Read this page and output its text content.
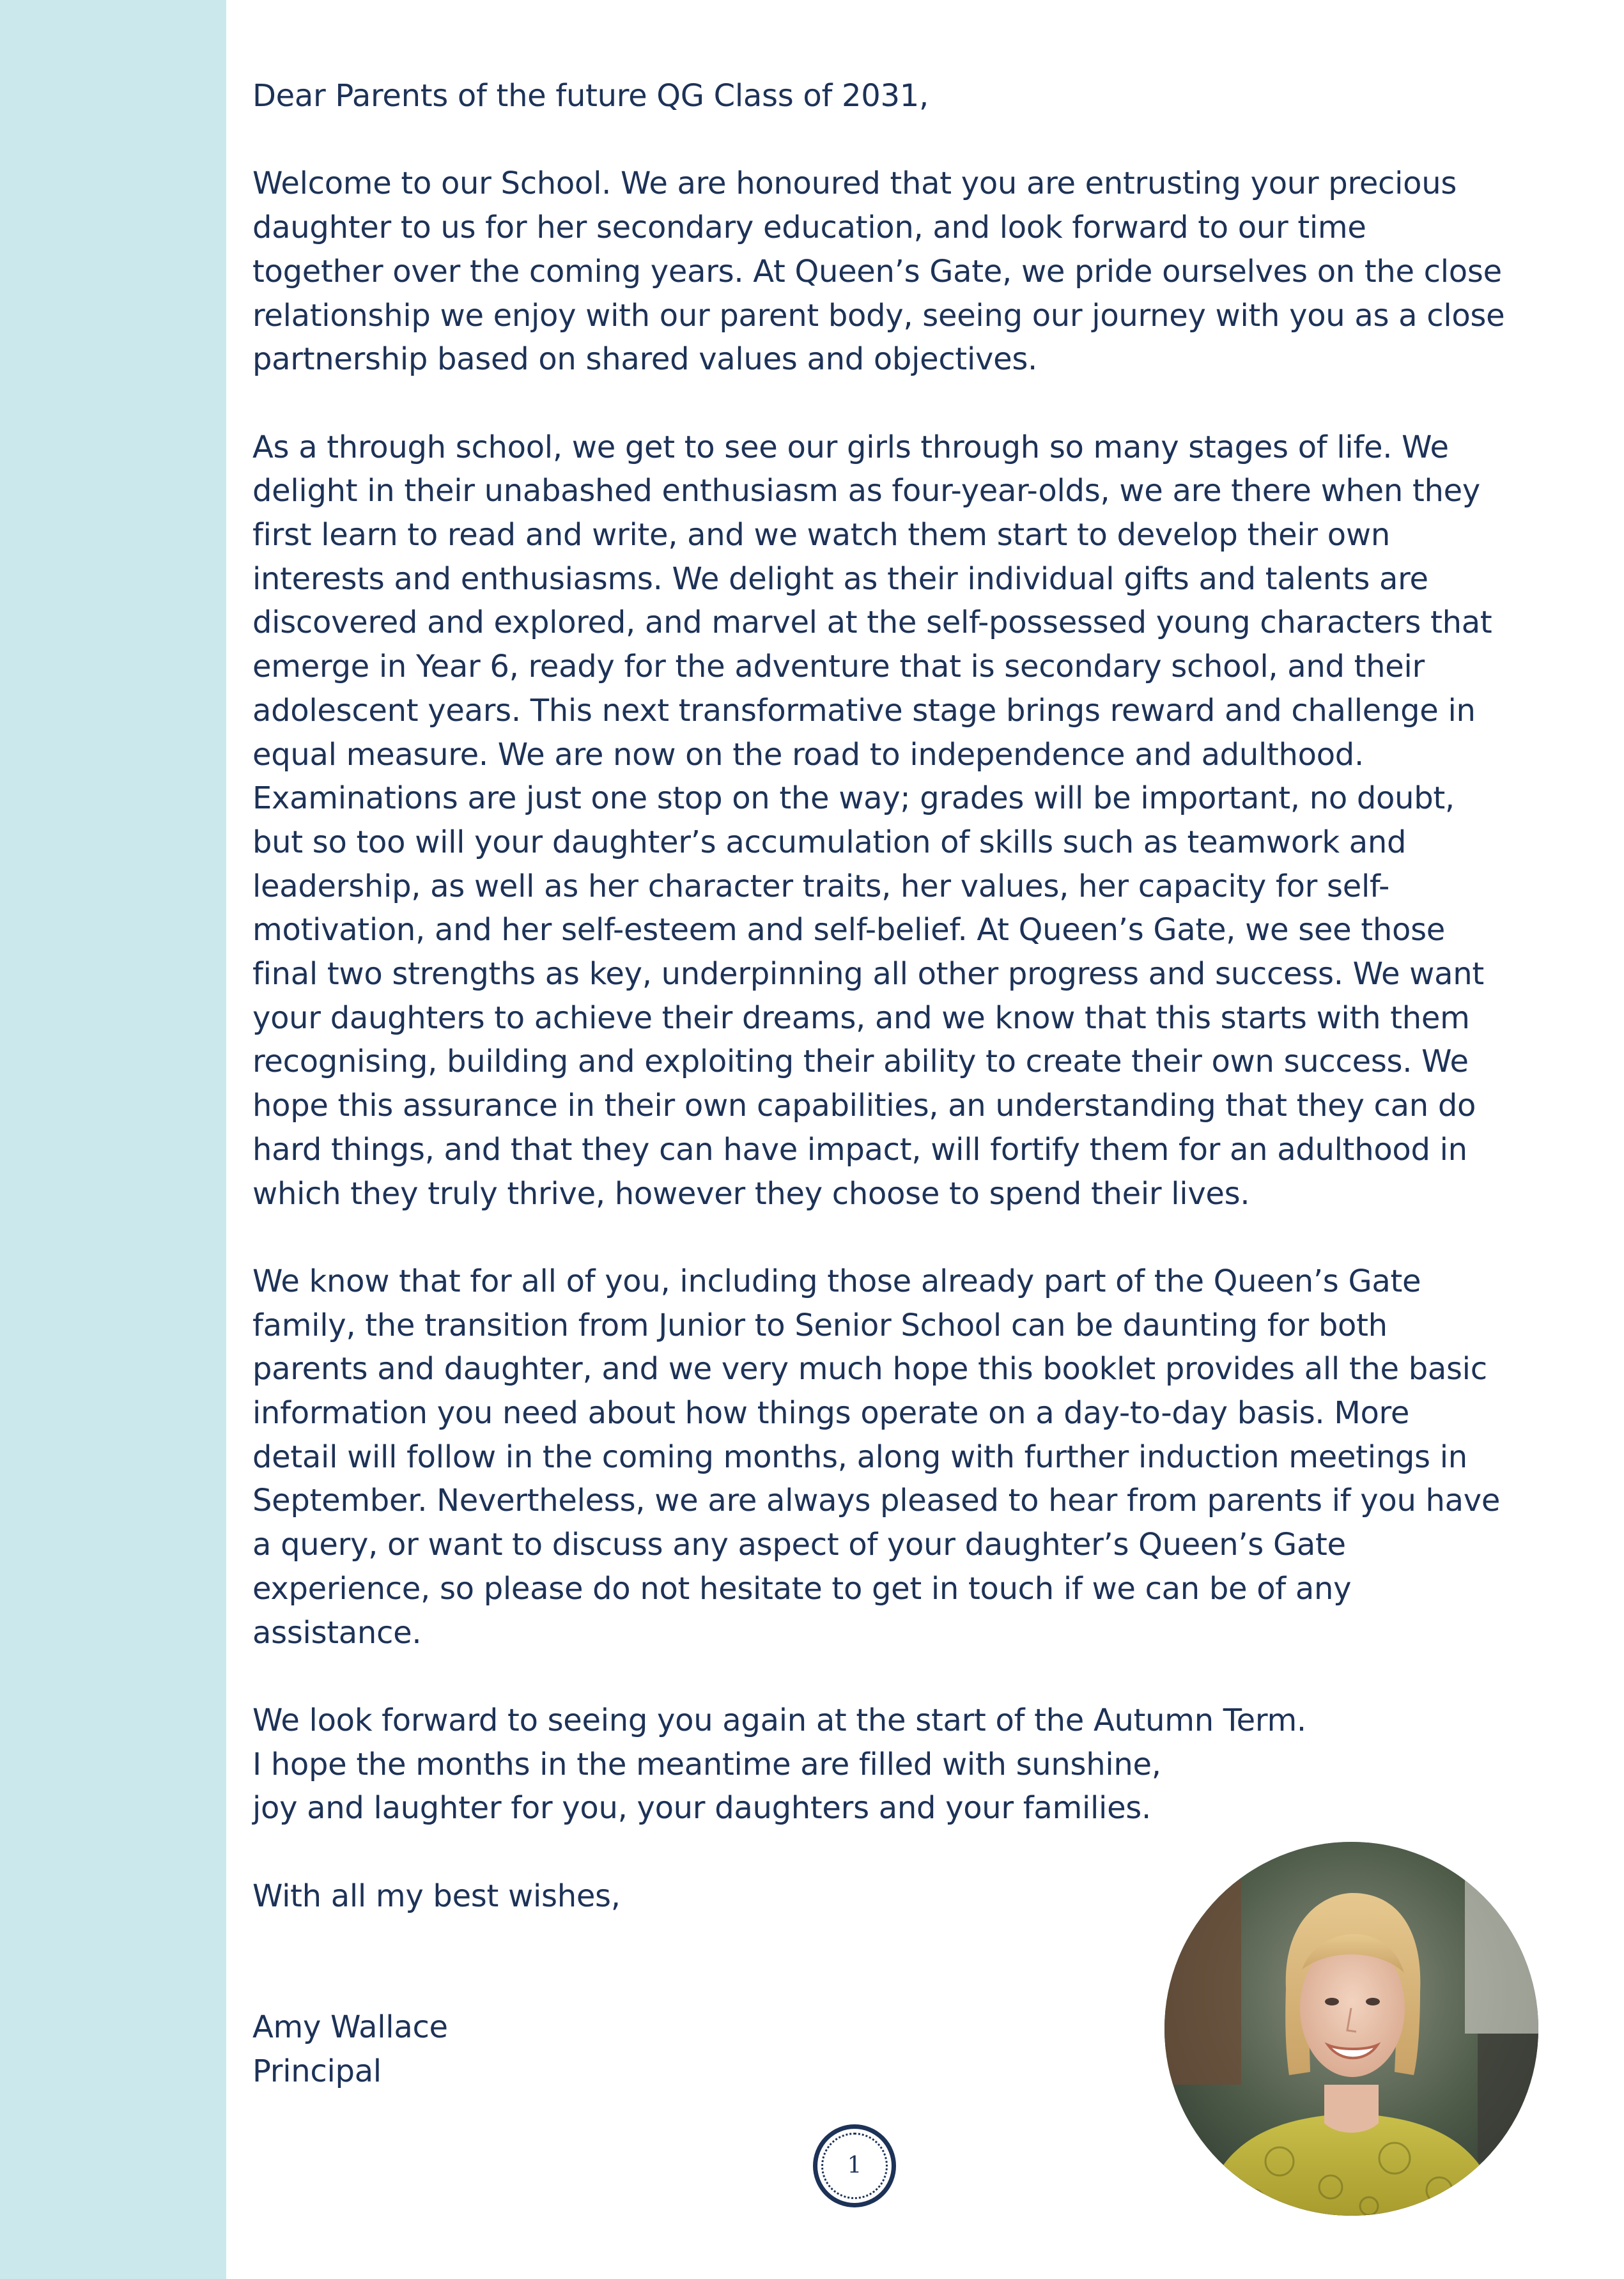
Dear Parents of the future QG Class of 2031,

Welcome to our School. We are honoured that you are entrusting your precious
daughter to us for her secondary education, and look forward to our time
together over the coming years. At Queen’s Gate, we pride ourselves on the close
relationship we enjoy with our parent body, seeing our journey with you as a close
partnership based on shared values and objectives.

As a through school, we get to see our girls through so many stages of life. We
delight in their unabashed enthusiasm as four-year-olds, we are there when they
first learn to read and write, and we watch them start to develop their own
interests and enthusiasms. We delight as their individual gifts and talents are
discovered and explored, and marvel at the self-possessed young characters that
emerge in Year 6, ready for the adventure that is secondary school, and their
adolescent years. This next transformative stage brings reward and challenge in
equal measure. We are now on the road to independence and adulthood.
Examinations are just one stop on the way; grades will be important, no doubt,
but so too will your daughter’s accumulation of skills such as teamwork and
leadership, as well as her character traits, her values, her capacity for self-
motivation, and her self-esteem and self-belief. At Queen’s Gate, we see those
final two strengths as key, underpinning all other progress and success. We want
your daughters to achieve their dreams, and we know that this starts with them
recognising, building and exploiting their ability to create their own success. We
hope this assurance in their own capabilities, an understanding that they can do
hard things, and that they can have impact, will fortify them for an adulthood in
which they truly thrive, however they choose to spend their lives.

We know that for all of you, including those already part of the Queen’s Gate
family, the transition from Junior to Senior School can be daunting for both
parents and daughter, and we very much hope this booklet provides all the basic
information you need about how things operate on a day-to-day basis. More
detail will follow in the coming months, along with further induction meetings in
September. Nevertheless, we are always pleased to hear from parents if you have
a query, or want to discuss any aspect of your daughter’s Queen’s Gate
experience, so please do not hesitate to get in touch if we can be of any
assistance.

We look forward to seeing you again at the start of the Autumn Term.
I hope the months in the meantime are filled with sunshine,
joy and laughter for you, your daughters and your families.

With all my best wishes,

Amy Wallace

Principal

1
